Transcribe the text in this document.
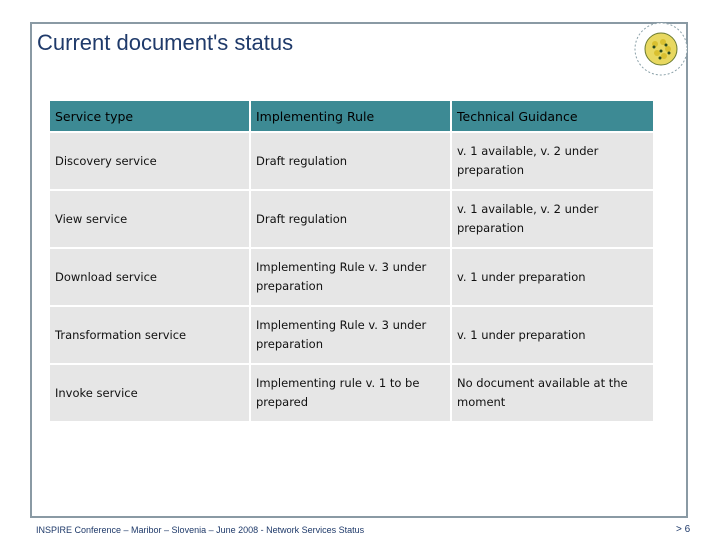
Current document's status
Service type	Implementing Rule	Technical Guidance
Discovery service	Draft regulation	v. 1 available, v. 2 under preparation
View service	Draft regulation	v. 1 available, v. 2 under preparation
Download service	Implementing Rule v. 3 under preparation	v. 1 under preparation
Transformation service	Implementing Rule v. 3 under preparation	v. 1 under preparation
Invoke service	Implementing rule v. 1 to be prepared	No document available at the moment
INSPIRE Conference – Maribor – Slovenia – June 2008 - Network Services Status	> 6
